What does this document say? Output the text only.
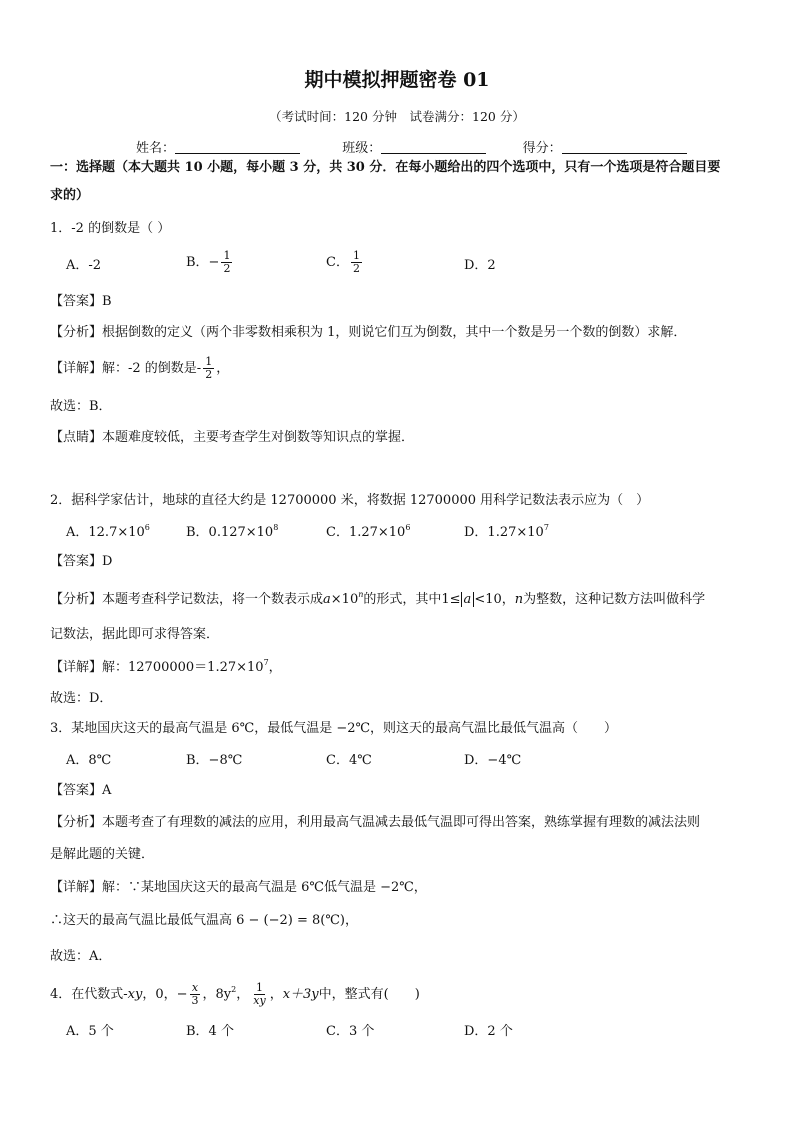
期中模拟押题密卷 01
（考试时间：120 分钟　试卷满分：120 分）
姓名：	班级：	得分：
一：选择题（本大题共 10 小题，每小题 3 分，共 30 分．在每小题给出的四个选项中，只有一个选项是符合题目要
求的）
1．-2 的倒数是（ ）
A．-2	B．− $\frac{1}{2}$	C． $\frac{1}{2}$	D．2
【答案】B
【分析】根据倒数的定义（两个非零数相乘积为 1，则说它们互为倒数，其中一个数是另一个数的倒数）求解．
【详解】解：-2 的倒数是- $\frac{1}{2}$ ，
故选：B．
【点睛】本题难度较低，主要考查学生对倒数等知识点的掌握．
2．据科学家估计，地球的直径大约是 12700000 米，将数据 12700000 用科学记数法表示应为（　）
A．$12.7\times 10^6$	B．$0.127\times 10^8$	C．$1.27\times 10^6$	D．$1.27\times 10^7$
【答案】D
【分析】本题考查科学记数法，将一个数表示成$a\times 10^n$的形式，其中1≤ a <10，n为整数，这种记数方法叫做科学
记数法，据此即可求得答案．
【详解】解：$12700000=1.27\times 10^7$，
故选：D．
3．某地国庆这天的最高气温是 6℃，最低气温是 −2℃，则这天的最高气温比最低气温高（　　）
A．8℃	B．−8℃	C．4℃	D．−4℃
【答案】A
【分析】本题考查了有理数的减法的应用，利用最高气温减去最低气温即可得出答案，熟练掌握有理数的减法法则
是解此题的关键．
【详解】解：∵某地国庆这天的最高气温是 6℃低气温是 −2℃，
∴这天的最高气温比最低气温高 6 − (−2) = 8(℃)，
故选：A．
4．在代数式-xy，0，− $\frac{x}{3}$ ，$8y^2$， $\frac{1}{xy}$ ，x＋3y中，整式有(　　)
A．5 个	B．4 个	C．3 个	D．2 个
